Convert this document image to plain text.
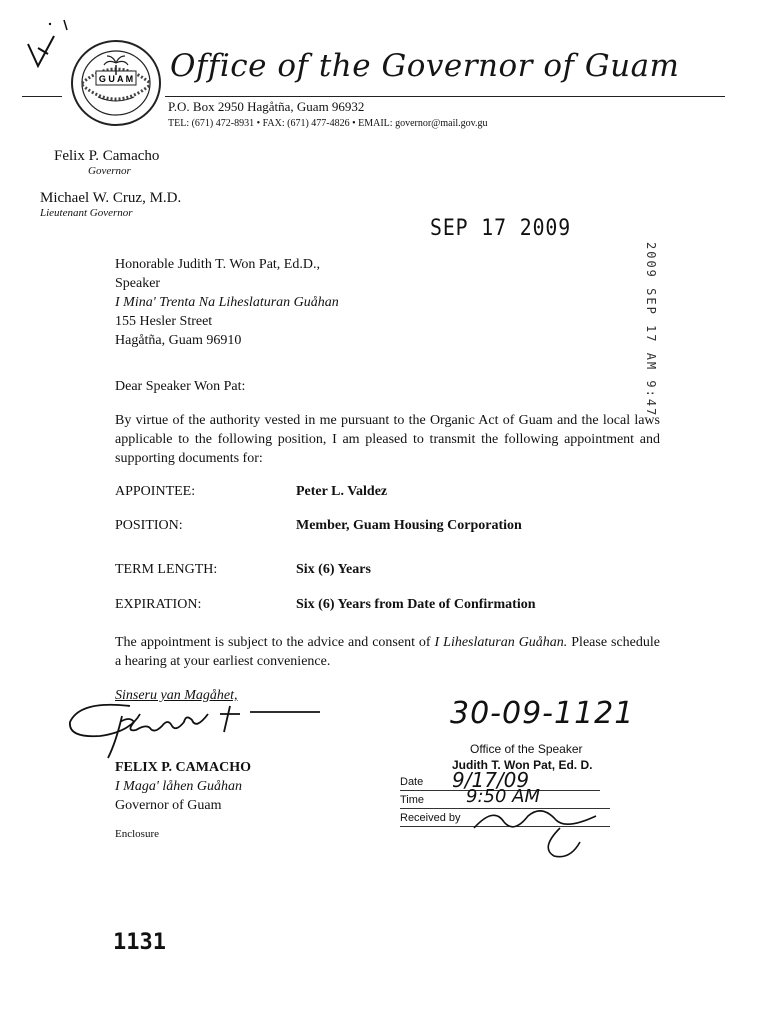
G U A M Office of the Governor of Guam
P.O. Box 2950 Hagåtña, Guam 96932
TEL: (671) 472-8931 • FAX: (671) 477-4826 • EMAIL: governor@mail.gov.gu
Felix P. Camacho
Governor
Michael W. Cruz, M.D.
Lieutenant Governor
SEP 17 2009
Honorable Judith T. Won Pat, Ed.D.,
Speaker
I Mina' Trenta Na Liheslaturan Guåhan
155 Hesler Street
Hagåtña, Guam 96910	2009 SEP 17 AM 9:47
Dear Speaker Won Pat:
By virtue of the authority vested in me pursuant to the Organic Act of Guam and the local laws applicable to the following position, I am pleased to transmit the following appointment and supporting documents for:
APPOINTEE:	Peter L. Valdez
POSITION:	Member, Guam Housing Corporation
TERM LENGTH:	Six (6) Years
EXPIRATION:	Six (6) Years from Date of Confirmation
The appointment is subject to the advice and consent of I Liheslaturan Guåhan. Please schedule a hearing at your earliest convenience.
Sinseru yan Magåhet,
FELIX P. CAMACHO
I Maga' låhen Guåhan
Governor of Guam
Enclosure
30-09-1121
Office of the Speaker
Judith T. Won Pat, Ed. D.
Date 9/17/09
Time 9:50 AM
Received by
1131
